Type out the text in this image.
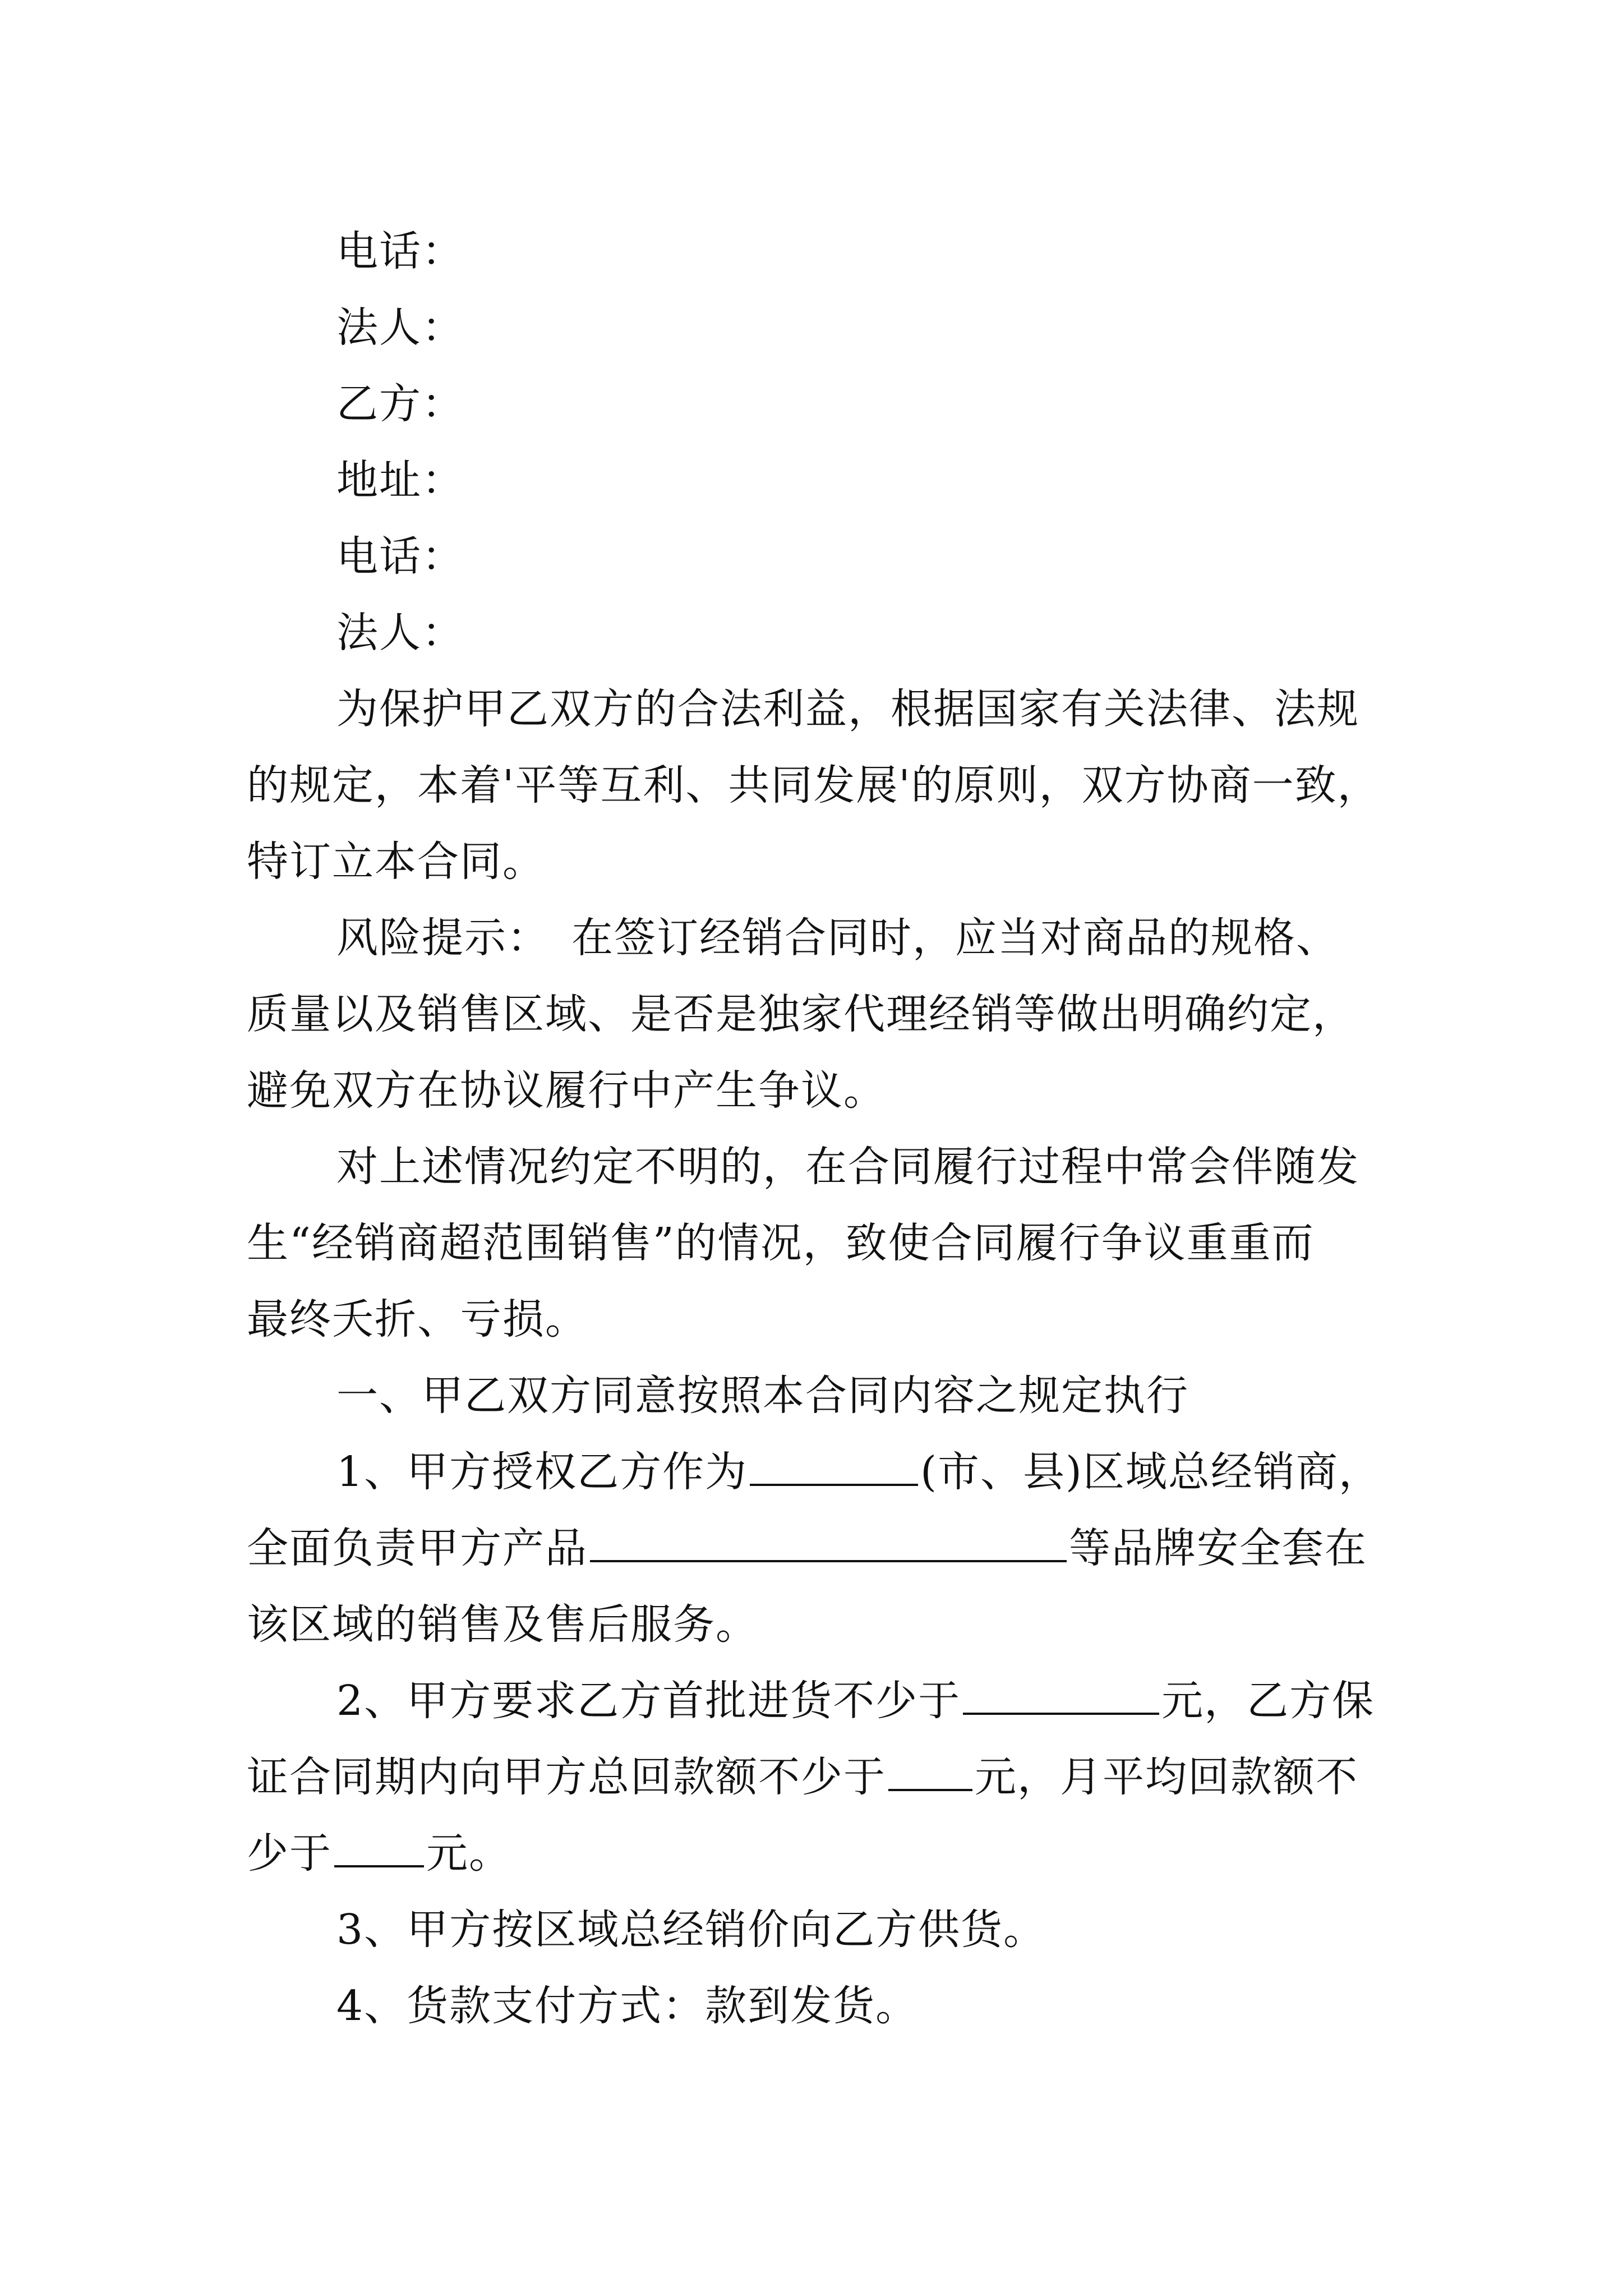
电话：

法人：

乙方：

地址：

电话：

法人：

为保护甲乙双方的合法利益，根据国家有关法律、法规

的规定，本着'平等互利、共同发展'的原则，双方协商一致，

特订立本合同。

风险提示：　在签订经销合同时，应当对商品的规格、

质量以及销售区域、是否是独家代理经销等做出明确约定，

避免双方在协议履行中产生争议。

对上述情况约定不明的，在合同履行过程中常会伴随发

生“经销商超范围销售”的情况，致使合同履行争议重重而

最终夭折、亏损。

一、甲乙双方同意按照本合同内容之规定执行

1、甲方授权乙方作为	(市、县)区域总经销商，

全面负责甲方产品	等品牌安全套在

该区域的销售及售后服务。

2、甲方要求乙方首批进货不少于	元，乙方保

证合同期内向甲方总回款额不少于 元，月平均回款额不

少于 元。

3、甲方按区域总经销价向乙方供货。

4、货款支付方式：款到发货。
